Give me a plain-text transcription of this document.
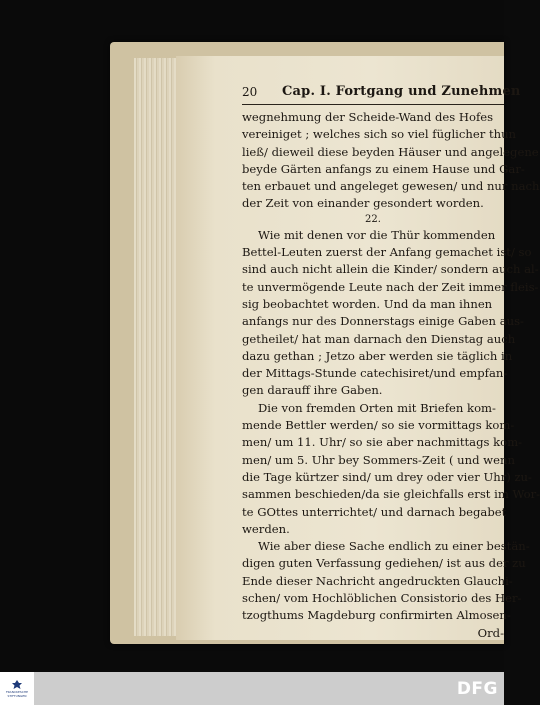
20 Cap. I. Fortgang und Zunehmen
wegnehmung der Scheide-Wand des Hofes
vereiniget ; welches sich so viel füglicher thun
ließ/ dieweil diese beyden Häuser und angelegene
beyde Gärten anfangs zu einem Hause und Gar-
ten erbauet und angeleget gewesen/ und nur nach
der Zeit von einander gesondert worden.
22.
Wie mit denen vor die Thür kommenden
Bettel-Leuten zuerst der Anfang gemachet ist/ so
sind auch nicht allein die Kinder/ sondern auch al-
te unvermögende Leute nach der Zeit immer fleis-
sig beobachtet worden. Und da man ihnen
anfangs nur des Donnerstags einige Gaben aus-
getheilet/ hat man darnach den Dienstag auch
dazu gethan ; Jetzo aber werden sie täglich in
der Mittags-Stunde catechisiret/und empfan-
gen darauff ihre Gaben.
Die von fremden Orten mit Briefen kom-
mende Bettler werden/ so sie vormittags kom-
men/ um 11. Uhr/ so sie aber nachmittags kom-
men/ um 5. Uhr bey Sommers-Zeit ( und wenn
die Tage kürtzer sind/ um drey oder vier Uhr) zu-
sammen beschieden/da sie gleichfalls erst im Wor-
te GOttes unterrichtet/ und darnach begabet
werden.
Wie aber diese Sache endlich zu einer bestän-
digen guten Verfassung gediehen/ ist aus der zu
Ende dieser Nachricht angedruckten Glauchi-
schen/ vom Hochlöblichen Consistorio des Her-
tzogthums Magdeburg confirmirten Almosen-
Ord-
FRANCKESCHE STIFTUNGEN	DFG
